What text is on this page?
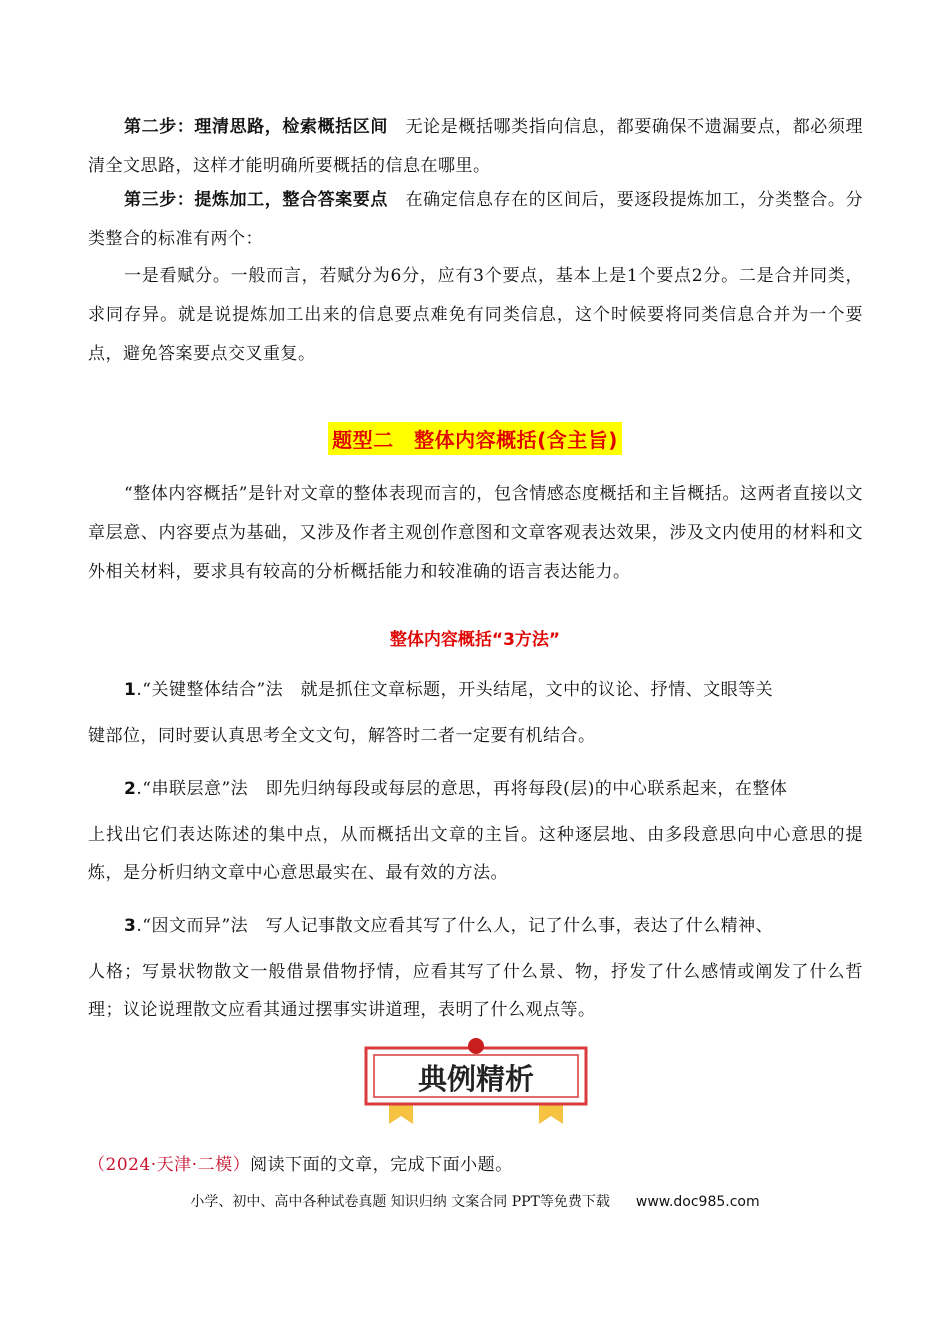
第二步：理清思路，检索概括区间　无论是概括哪类指向信息，都要确保不遗漏要点，都必须理清全文思路，这样才能明确所要概括的信息在哪里。

第三步：提炼加工，整合答案要点　在确定信息存在的区间后，要逐段提炼加工，分类整合。分类整合的标准有两个：

一是看赋分。一般而言，若赋分为6分，应有3个要点，基本上是1个要点2分。二是合并同类，求同存异。就是说提炼加工出来的信息要点难免有同类信息，这个时候要将同类信息合并为一个要点，避免答案要点交叉重复。

题型二　整体内容概括(含主旨)

“整体内容概括”是针对文章的整体表现而言的，包含情感态度概括和主旨概括。这两者直接以文章层意、内容要点为基础，又涉及作者主观创作意图和文章客观表达效果，涉及文内使用的材料和文外相关材料，要求具有较高的分析概括能力和较准确的语言表达能力。

整体内容概括“3方法”

1.“关键整体结合”法　就是抓住文章标题，开头结尾，文中的议论、抒情、文眼等关

键部位，同时要认真思考全文文句，解答时二者一定要有机结合。

2.“串联层意”法　即先归纳每段或每层的意思，再将每段(层)的中心联系起来，在整体

上找出它们表达陈述的集中点，从而概括出文章的主旨。这种逐层地、由多段意思向中心意思的提炼，是分析归纳文章中心意思最实在、最有效的方法。

3.“因文而异”法　写人记事散文应看其写了什么人，记了什么事，表达了什么精神、

人格；写景状物散文一般借景借物抒情，应看其写了什么景、物，抒发了什么感情或阐发了什么哲理；议论说理散文应看其通过摆事实讲道理，表明了什么观点等。

典例精析
（2024·天津·二模）阅读下面的文章，完成下面小题。
小学、初中、高中各种试卷真题 知识归纳 文案合同 PPT等免费下载 www.doc985.com
